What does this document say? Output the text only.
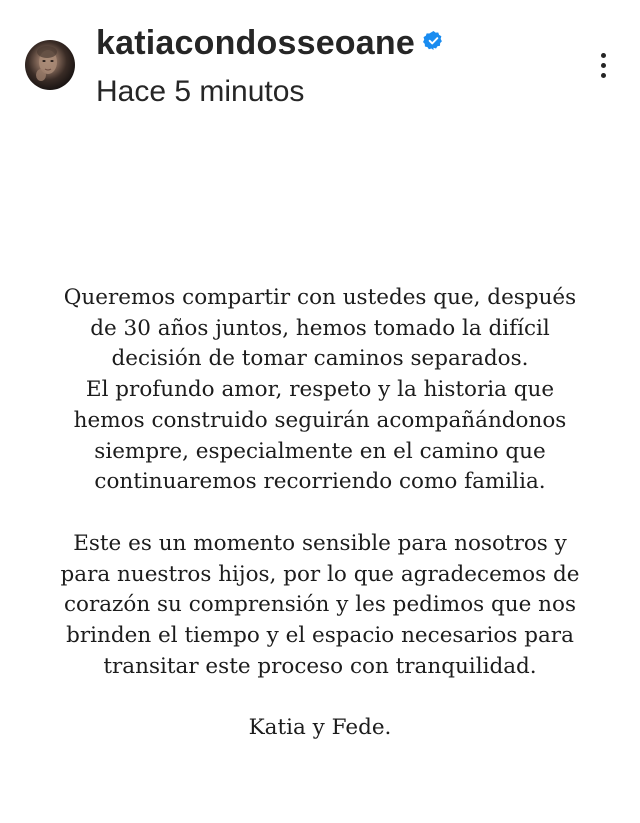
katiacondosseoane
Hace 5 minutos

Queremos compartir con ustedes que, después
de 30 años juntos, hemos tomado la difícil
decisión de tomar caminos separados.
El profundo amor, respeto y la historia que
hemos construido seguirán acompañándonos
siempre, especialmente en el camino que
continuaremos recorriendo como familia.

Este es un momento sensible para nosotros y
para nuestros hijos, por lo que agradecemos de
corazón su comprensión y les pedimos que nos
brinden el tiempo y el espacio necesarios para
transitar este proceso con tranquilidad.

Katia y Fede.
